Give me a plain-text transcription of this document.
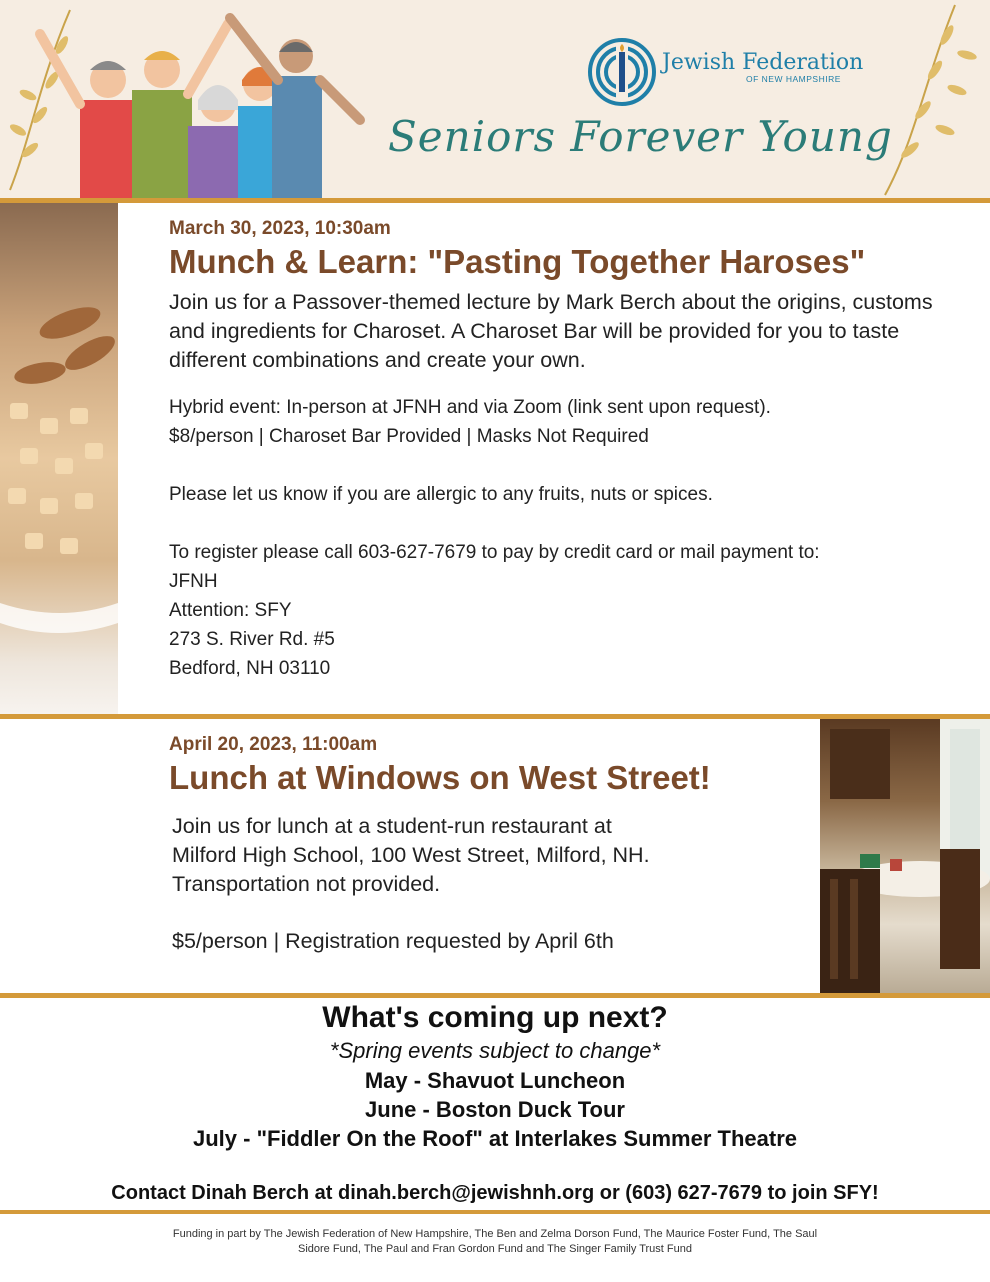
Jewish Federation
OF NEW HAMPSHIRE
Seniors Forever Young
March 30, 2023, 10:30am
Munch & Learn: "Pasting Together Haroses"

Join us for a Passover-themed lecture by Mark Berch about the origins, customs and ingredients for Charoset. A Charoset Bar will be provided for you to taste different combinations and create your own.

Hybrid event: In-person at JFNH and via Zoom (link sent upon request).
$8/person | Charoset Bar Provided | Masks Not Required
Please let us know if you are allergic to any fruits, nuts or spices.
To register please call 603-627-7679 to pay by credit card or mail payment to:
JFNH
Attention: SFY
273 S. River Rd. #5
Bedford, NH 03110
April 20, 2023, 11:00am
Lunch at Windows on West Street!
Join us for lunch at a student-run restaurant at
Milford High School, 100 West Street, Milford, NH.
Transportation not provided.
$5/person | Registration requested by April 6th
What's coming up next?
*Spring events subject to change*
May - Shavuot Luncheon
June - Boston Duck Tour
July - "Fiddler On the Roof" at Interlakes Summer Theatre
Contact Dinah Berch at dinah.berch@jewishnh.org or (603) 627-7679 to join SFY!
Funding in part by The Jewish Federation of New Hampshire, The Ben and Zelma Dorson Fund, The Maurice Foster Fund, The Saul Sidore Fund, The Paul and Fran Gordon Fund and The Singer Family Trust Fund
